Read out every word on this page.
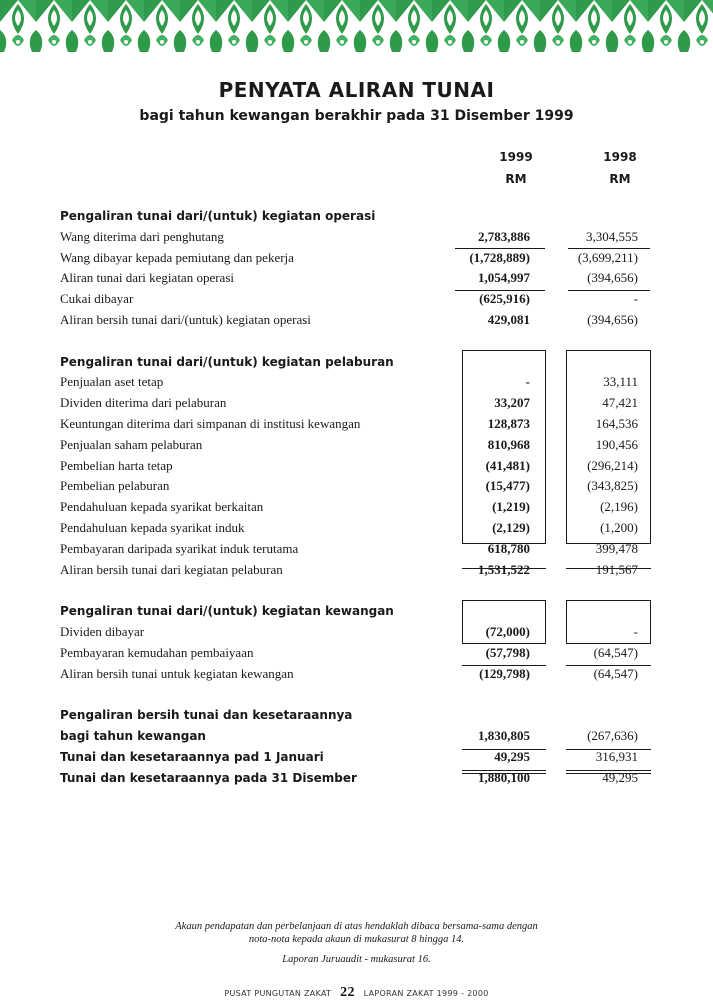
PENYATA ALIRAN TUNAI
bagi tahun kewangan berakhir pada 31 Disember 1999
1999	1998
RM	RM
Pengaliran tunai dari/(untuk) kegiatan operasi
Wang diterima dari penghutang	2,783,886	3,304,555
Wang dibayar kepada pemiutang dan pekerja	(1,728,889)	(3,699,211)
Aliran tunai dari kegiatan operasi	1,054,997	(394,656)
Cukai dibayar	(625,916)	-
Aliran bersih tunai dari/(untuk) kegiatan operasi	429,081	(394,656)
Pengaliran tunai dari/(untuk) kegiatan pelaburan
Penjualan aset tetap	-	33,111
Dividen diterima dari pelaburan	33,207	47,421
Keuntungan diterima dari simpanan di institusi kewangan	128,873	164,536
Penjualan saham pelaburan	810,968	190,456
Pembelian harta tetap	(41,481)	(296,214)
Pembelian pelaburan	(15,477)	(343,825)
Pendahuluan kepada syarikat berkaitan	(1,219)	(2,196)
Pendahuluan kepada syarikat induk	(2,129)	(1,200)
Pembayaran daripada syarikat induk terutama	618,780	399,478
Aliran bersih tunai dari kegiatan pelaburan	1,531,522	191,567
Pengaliran tunai dari/(untuk) kegiatan kewangan
Dividen dibayar	(72,000)	-
Pembayaran kemudahan pembaiyaan	(57,798)	(64,547)
Aliran bersih tunai untuk kegiatan kewangan	(129,798)	(64,547)
Pengaliran bersih tunai dan kesetaraannya
bagi tahun kewangan	1,830,805	(267,636)
Tunai dan kesetaraannya pad 1 Januari	49,295	316,931
Tunai dan kesetaraannya pada 31 Disember	1,880,100	49,295
Akaun pendapatan dan perbelanjaan di atas hendaklah dibaca bersama-sama dengan
nota-nota kepada akaun di mukasurat 8 hingga 14.
Laporan Juruaudit - mukasurat 16.
PUSAT PUNGUTAN ZAKAT 22 LAPORAN ZAKAT 1999 - 2000
